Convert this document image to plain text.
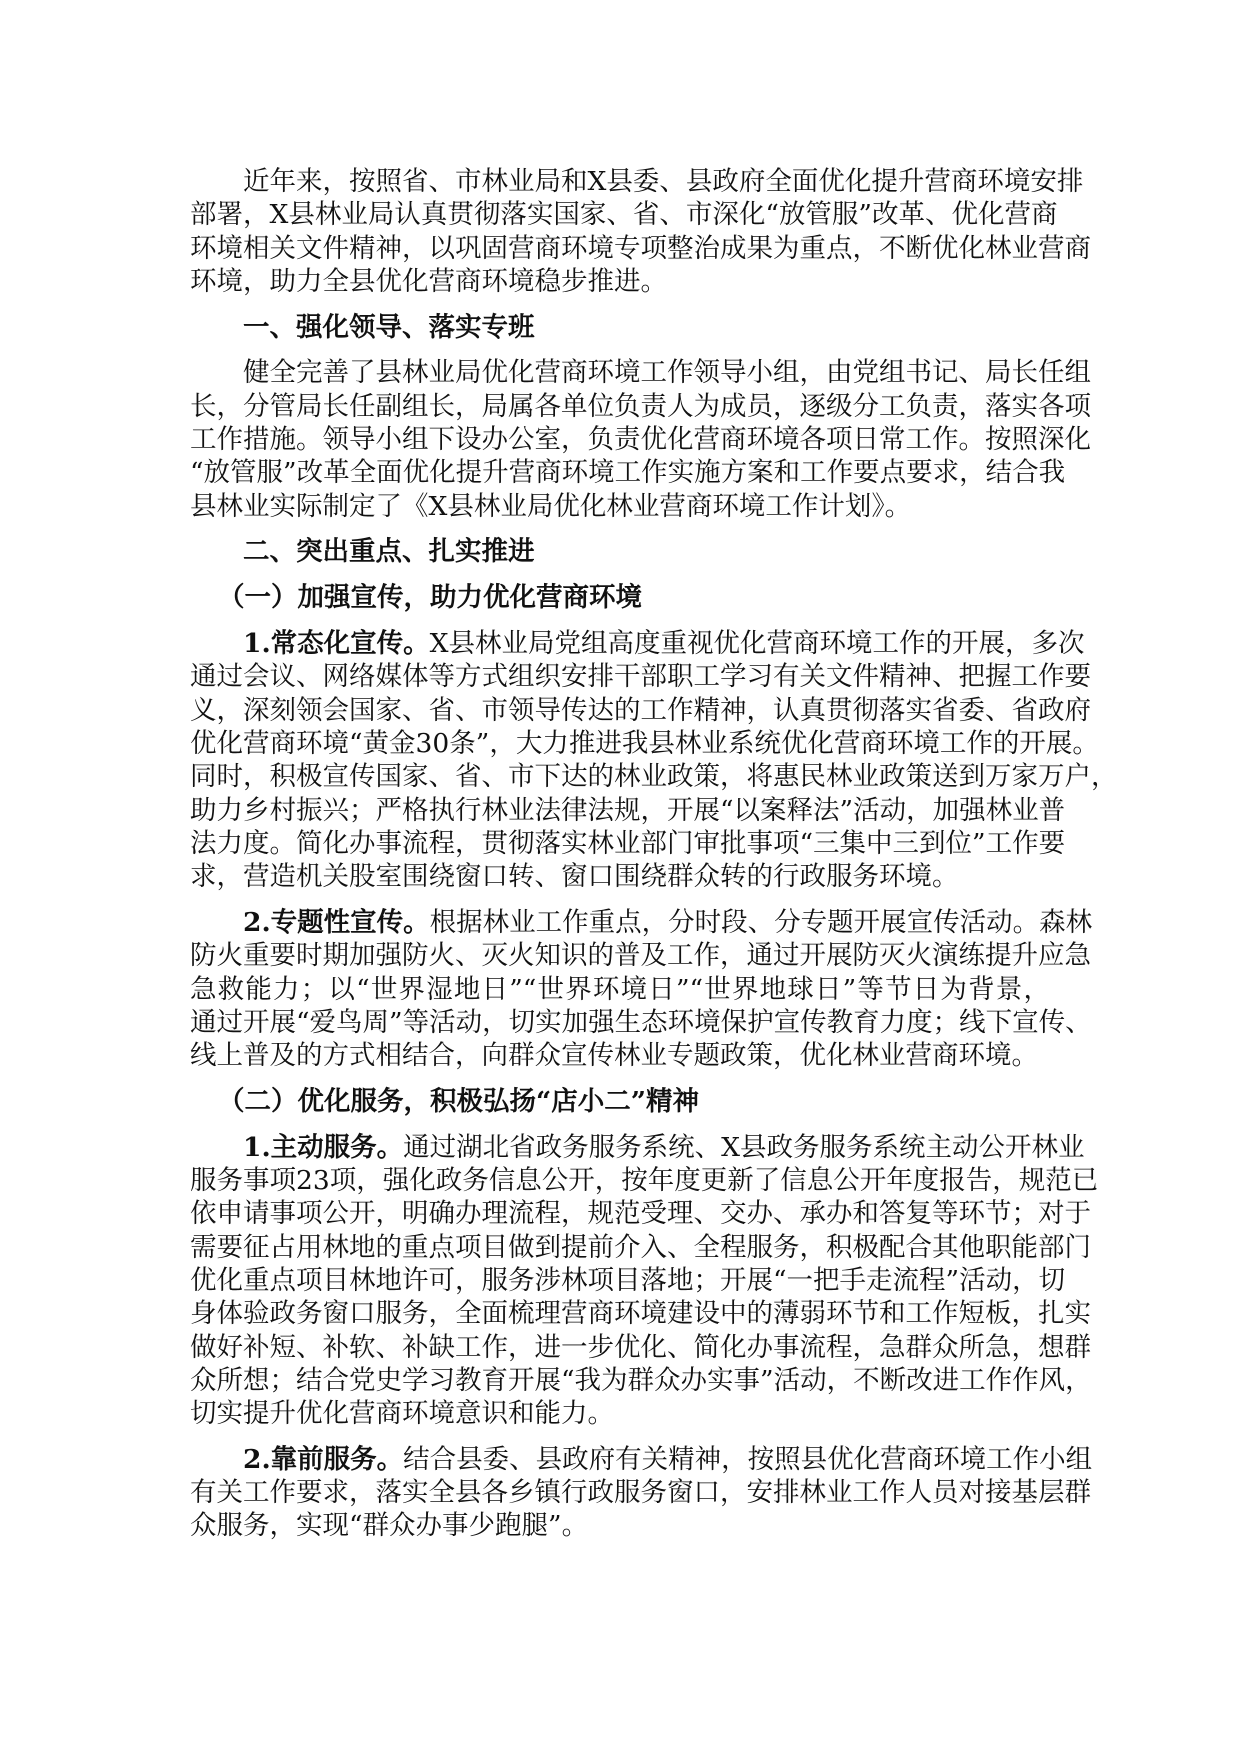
近年来，按照省、市林业局和X县委、县政府全面优化提升营商环境安排
部署，X县林业局认真贯彻落实国家、省、市深化“放管服”改革、优化营商
环境相关文件精神，以巩固营商环境专项整治成果为重点，不断优化林业营商
环境，助力全县优化营商环境稳步推进。
一、强化领导、落实专班
健全完善了县林业局优化营商环境工作领导小组，由党组书记、局长任组
长，分管局长任副组长，局属各单位负责人为成员，逐级分工负责，落实各项
工作措施。领导小组下设办公室，负责优化营商环境各项日常工作。按照深化
“放管服”改革全面优化提升营商环境工作实施方案和工作要点要求，结合我
县林业实际制定了《X县林业局优化林业营商环境工作计划》。
二、突出重点、扎实推进
（一）加强宣传，助力优化营商环境
1.常态化宣传。X县林业局党组高度重视优化营商环境工作的开展，多次
通过会议、网络媒体等方式组织安排干部职工学习有关文件精神、把握工作要
义，深刻领会国家、省、市领导传达的工作精神，认真贯彻落实省委、省政府
优化营商环境“黄金30条”，大力推进我县林业系统优化营商环境工作的开展。
同时，积极宣传国家、省、市下达的林业政策，将惠民林业政策送到万家万户，
助力乡村振兴；严格执行林业法律法规，开展“以案释法”活动，加强林业普
法力度。简化办事流程，贯彻落实林业部门审批事项“三集中三到位”工作要
求，营造机关股室围绕窗口转、窗口围绕群众转的行政服务环境。
2.专题性宣传。根据林业工作重点，分时段、分专题开展宣传活动。森林
防火重要时期加强防火、灭火知识的普及工作，通过开展防灭火演练提升应急
急救能力；以“世界湿地日”“世界环境日”“世界地球日”等节日为背景，
通过开展“爱鸟周”等活动，切实加强生态环境保护宣传教育力度；线下宣传、
线上普及的方式相结合，向群众宣传林业专题政策，优化林业营商环境。
（二）优化服务，积极弘扬“店小二”精神
1.主动服务。通过湖北省政务服务系统、X县政务服务系统主动公开林业
服务事项23项，强化政务信息公开，按年度更新了信息公开年度报告，规范已
依申请事项公开，明确办理流程，规范受理、交办、承办和答复等环节；对于
需要征占用林地的重点项目做到提前介入、全程服务，积极配合其他职能部门
优化重点项目林地许可，服务涉林项目落地；开展“一把手走流程”活动，切
身体验政务窗口服务，全面梳理营商环境建设中的薄弱环节和工作短板，扎实
做好补短、补软、补缺工作，进一步优化、简化办事流程，急群众所急，想群
众所想；结合党史学习教育开展“我为群众办实事”活动，不断改进工作作风，
切实提升优化营商环境意识和能力。
2.靠前服务。结合县委、县政府有关精神，按照县优化营商环境工作小组
有关工作要求，落实全县各乡镇行政服务窗口，安排林业工作人员对接基层群
众服务，实现“群众办事少跑腿”。
